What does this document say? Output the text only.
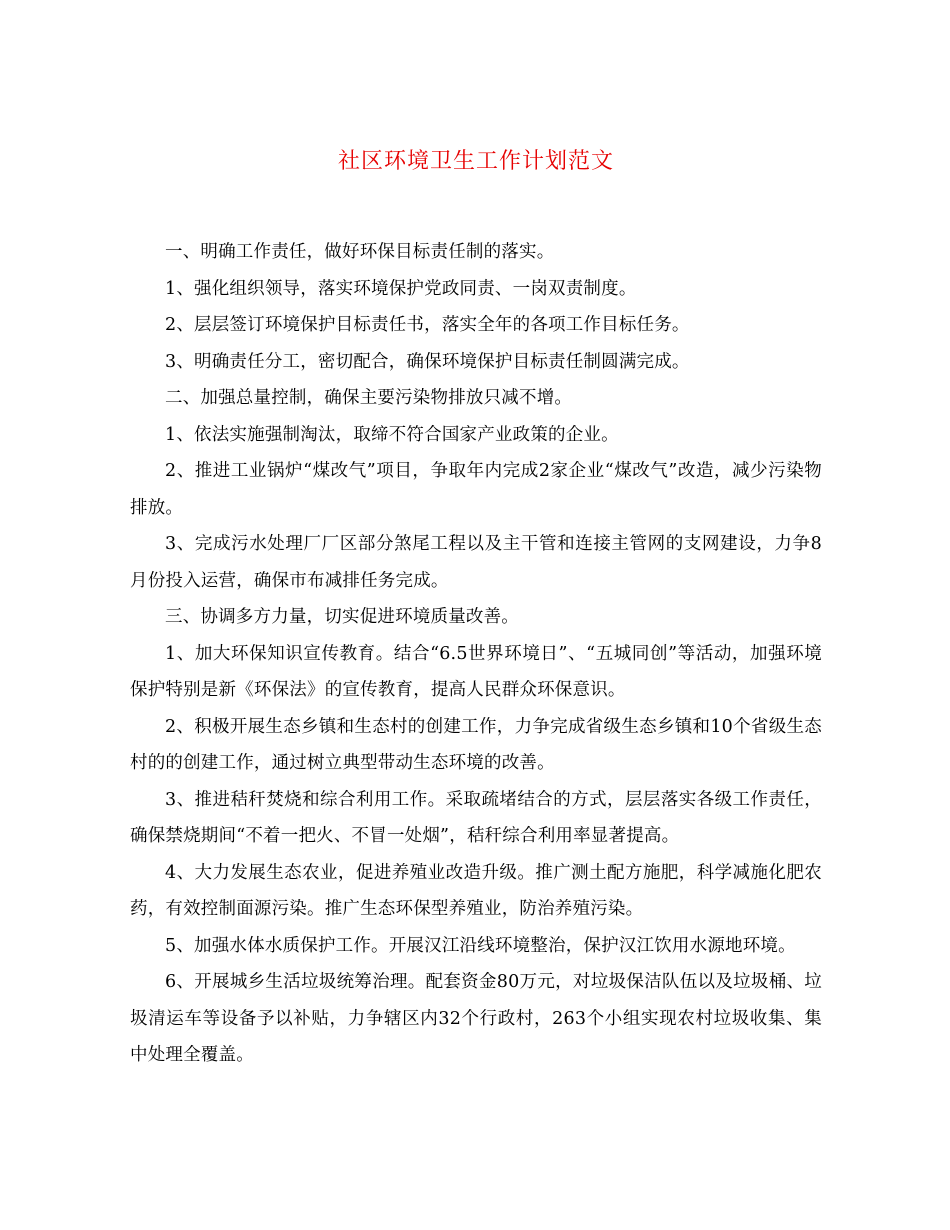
社区环境卫生工作计划范文

一、明确工作责任，做好环保目标责任制的落实。

1、强化组织领导，落实环境保护党政同责、一岗双责制度。

2、层层签订环境保护目标责任书，落实全年的各项工作目标任务。

3、明确责任分工，密切配合，确保环境保护目标责任制圆满完成。

二、加强总量控制，确保主要污染物排放只减不增。

1、依法实施强制淘汰，取缔不符合国家产业政策的企业。

2、推进工业锅炉“煤改气”项目，争取年内完成2家企业“煤改气”改造，减少污染物排放。

3、完成污水处理厂厂区部分煞尾工程以及主干管和连接主管网的支网建设，力争8月份投入运营，确保市布减排任务完成。

三、协调多方力量，切实促进环境质量改善。

1、加大环保知识宣传教育。结合“6.5世界环境日”、“五城同创”等活动，加强环境保护特别是新《环保法》的宣传教育，提高人民群众环保意识。

2、积极开展生态乡镇和生态村的创建工作，力争完成省级生态乡镇和10个省级生态村的的创建工作，通过树立典型带动生态环境的改善。

3、推进秸秆焚烧和综合利用工作。采取疏堵结合的方式，层层落实各级工作责任，确保禁烧期间“不着一把火、不冒一处烟”，秸秆综合利用率显著提高。

4、大力发展生态农业，促进养殖业改造升级。推广测土配方施肥，科学减施化肥农药，有效控制面源污染。推广生态环保型养殖业，防治养殖污染。

5、加强水体水质保护工作。开展汉江沿线环境整治，保护汉江饮用水源地环境。

6、开展城乡生活垃圾统筹治理。配套资金80万元，对垃圾保洁队伍以及垃圾桶、垃圾清运车等设备予以补贴，力争辖区内32个行政村，263个小组实现农村垃圾收集、集中处理全覆盖。
